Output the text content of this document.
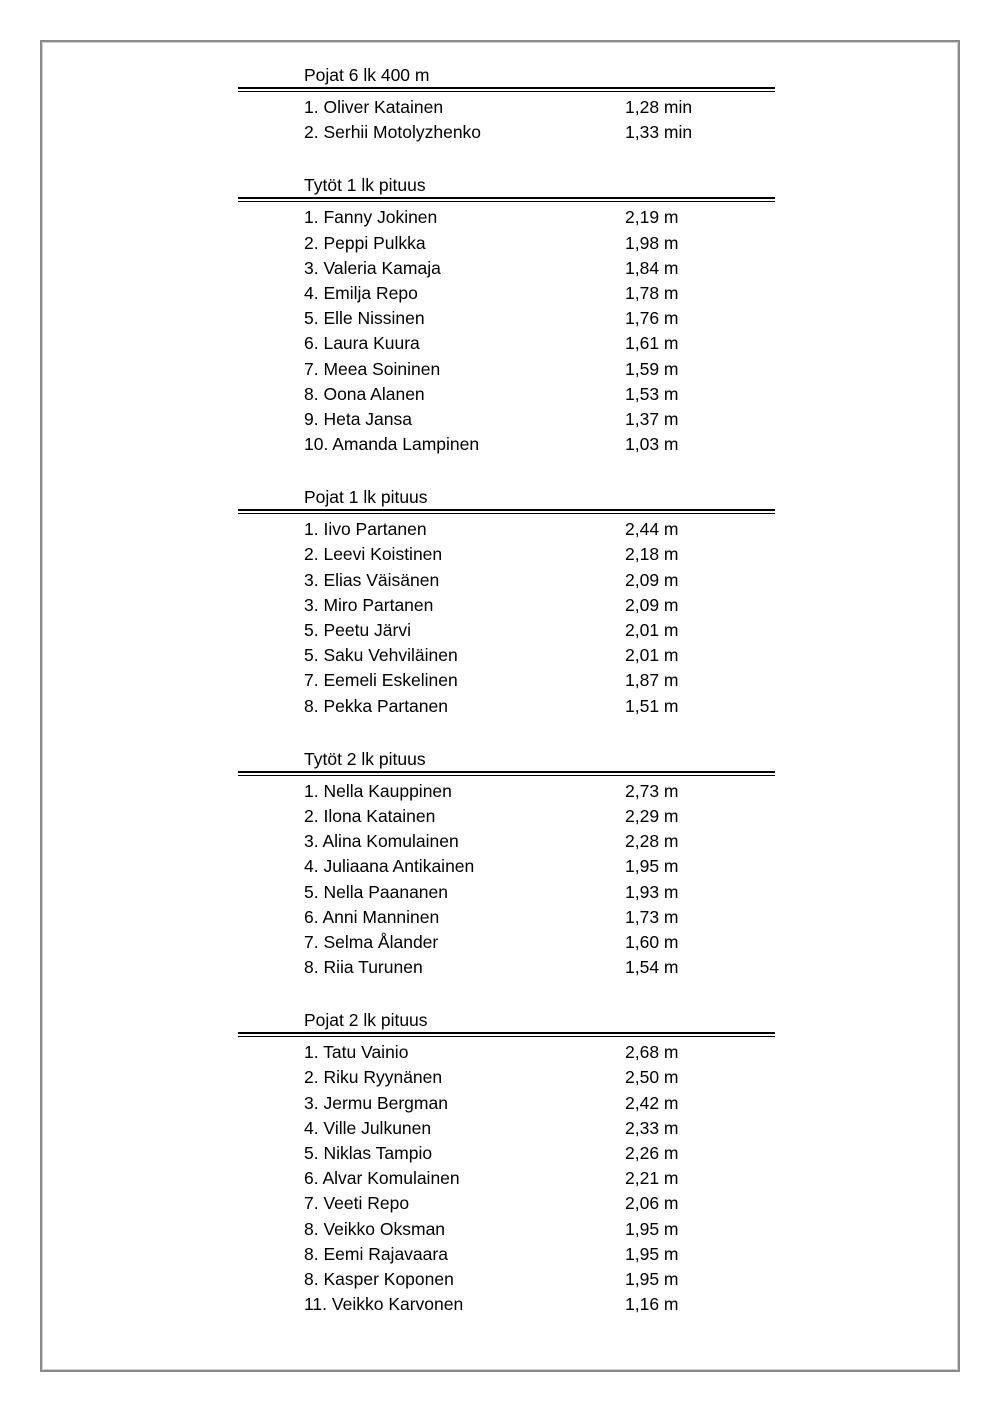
Pojat 6 lk 400 m
1. Oliver Katainen	1,28 min
2. Serhii Motolyzhenko	1,33 min
Tytöt 1 lk pituus
1. Fanny Jokinen	2,19 m
2. Peppi Pulkka	1,98 m
3. Valeria Kamaja	1,84 m
4. Emilja Repo	1,78 m
5. Elle Nissinen	1,76 m
6. Laura Kuura	1,61 m
7. Meea Soininen	1,59 m
8. Oona Alanen	1,53 m
9. Heta Jansa	1,37 m
10. Amanda Lampinen	1,03 m
Pojat 1 lk pituus
1. Iivo Partanen	2,44 m
2. Leevi Koistinen	2,18 m
3. Elias Väisänen	2,09 m
3. Miro Partanen	2,09 m
5. Peetu Järvi	2,01 m
5. Saku Vehviläinen	2,01 m
7. Eemeli Eskelinen	1,87 m
8. Pekka Partanen	1,51 m
Tytöt 2 lk pituus
1. Nella Kauppinen	2,73 m
2. Ilona Katainen	2,29 m
3. Alina Komulainen	2,28 m
4. Juliaana Antikainen	1,95 m
5. Nella Paananen	1,93 m
6. Anni Manninen	1,73 m
7. Selma Ålander	1,60 m
8. Riia Turunen	1,54 m
Pojat 2 lk pituus
1. Tatu Vainio	2,68 m
2. Riku Ryynänen	2,50 m
3. Jermu Bergman	2,42 m
4. Ville Julkunen	2,33 m
5. Niklas Tampio	2,26 m
6. Alvar Komulainen	2,21 m
7. Veeti Repo	2,06 m
8. Veikko Oksman	1,95 m
8. Eemi Rajavaara	1,95 m
8. Kasper Koponen	1,95 m
11. Veikko Karvonen	1,16 m
